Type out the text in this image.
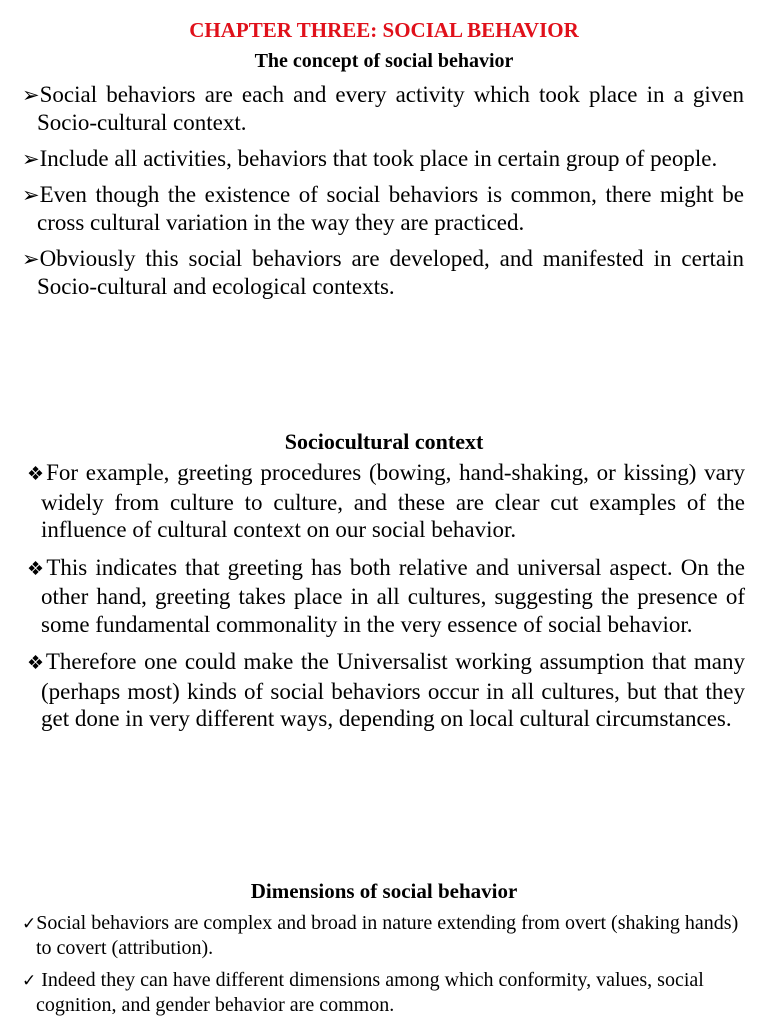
CHAPTER THREE: SOCIAL BEHAVIOR
The concept of social behavior
➢Social behaviors are each and every activity which took place in a given Socio-cultural context.
➢Include all activities, behaviors that took place in certain group of people.
➢Even though the existence of social behaviors is common, there might be cross cultural variation in the way they are practiced.
➢Obviously this social behaviors are developed, and manifested in certain Socio-cultural and ecological contexts.
Sociocultural context
❖For example, greeting procedures (bowing, hand-shaking, or kissing) vary widely from culture to culture, and these are clear cut examples of the influence of cultural context on our social behavior.
❖This indicates that greeting has both relative and universal aspect. On the other hand, greeting takes place in all cultures, suggesting the presence of some fundamental commonality in the very essence of social behavior.
❖Therefore one could make the Universalist working assumption that many (perhaps most) kinds of social behaviors occur in all cultures, but that they get done in very different ways, depending on local cultural circumstances.
Dimensions of social behavior
✓Social behaviors are complex and broad in nature extending from overt (shaking hands) to covert (attribution).
✓ Indeed they can have different dimensions among which conformity, values, social cognition, and gender behavior are common.
